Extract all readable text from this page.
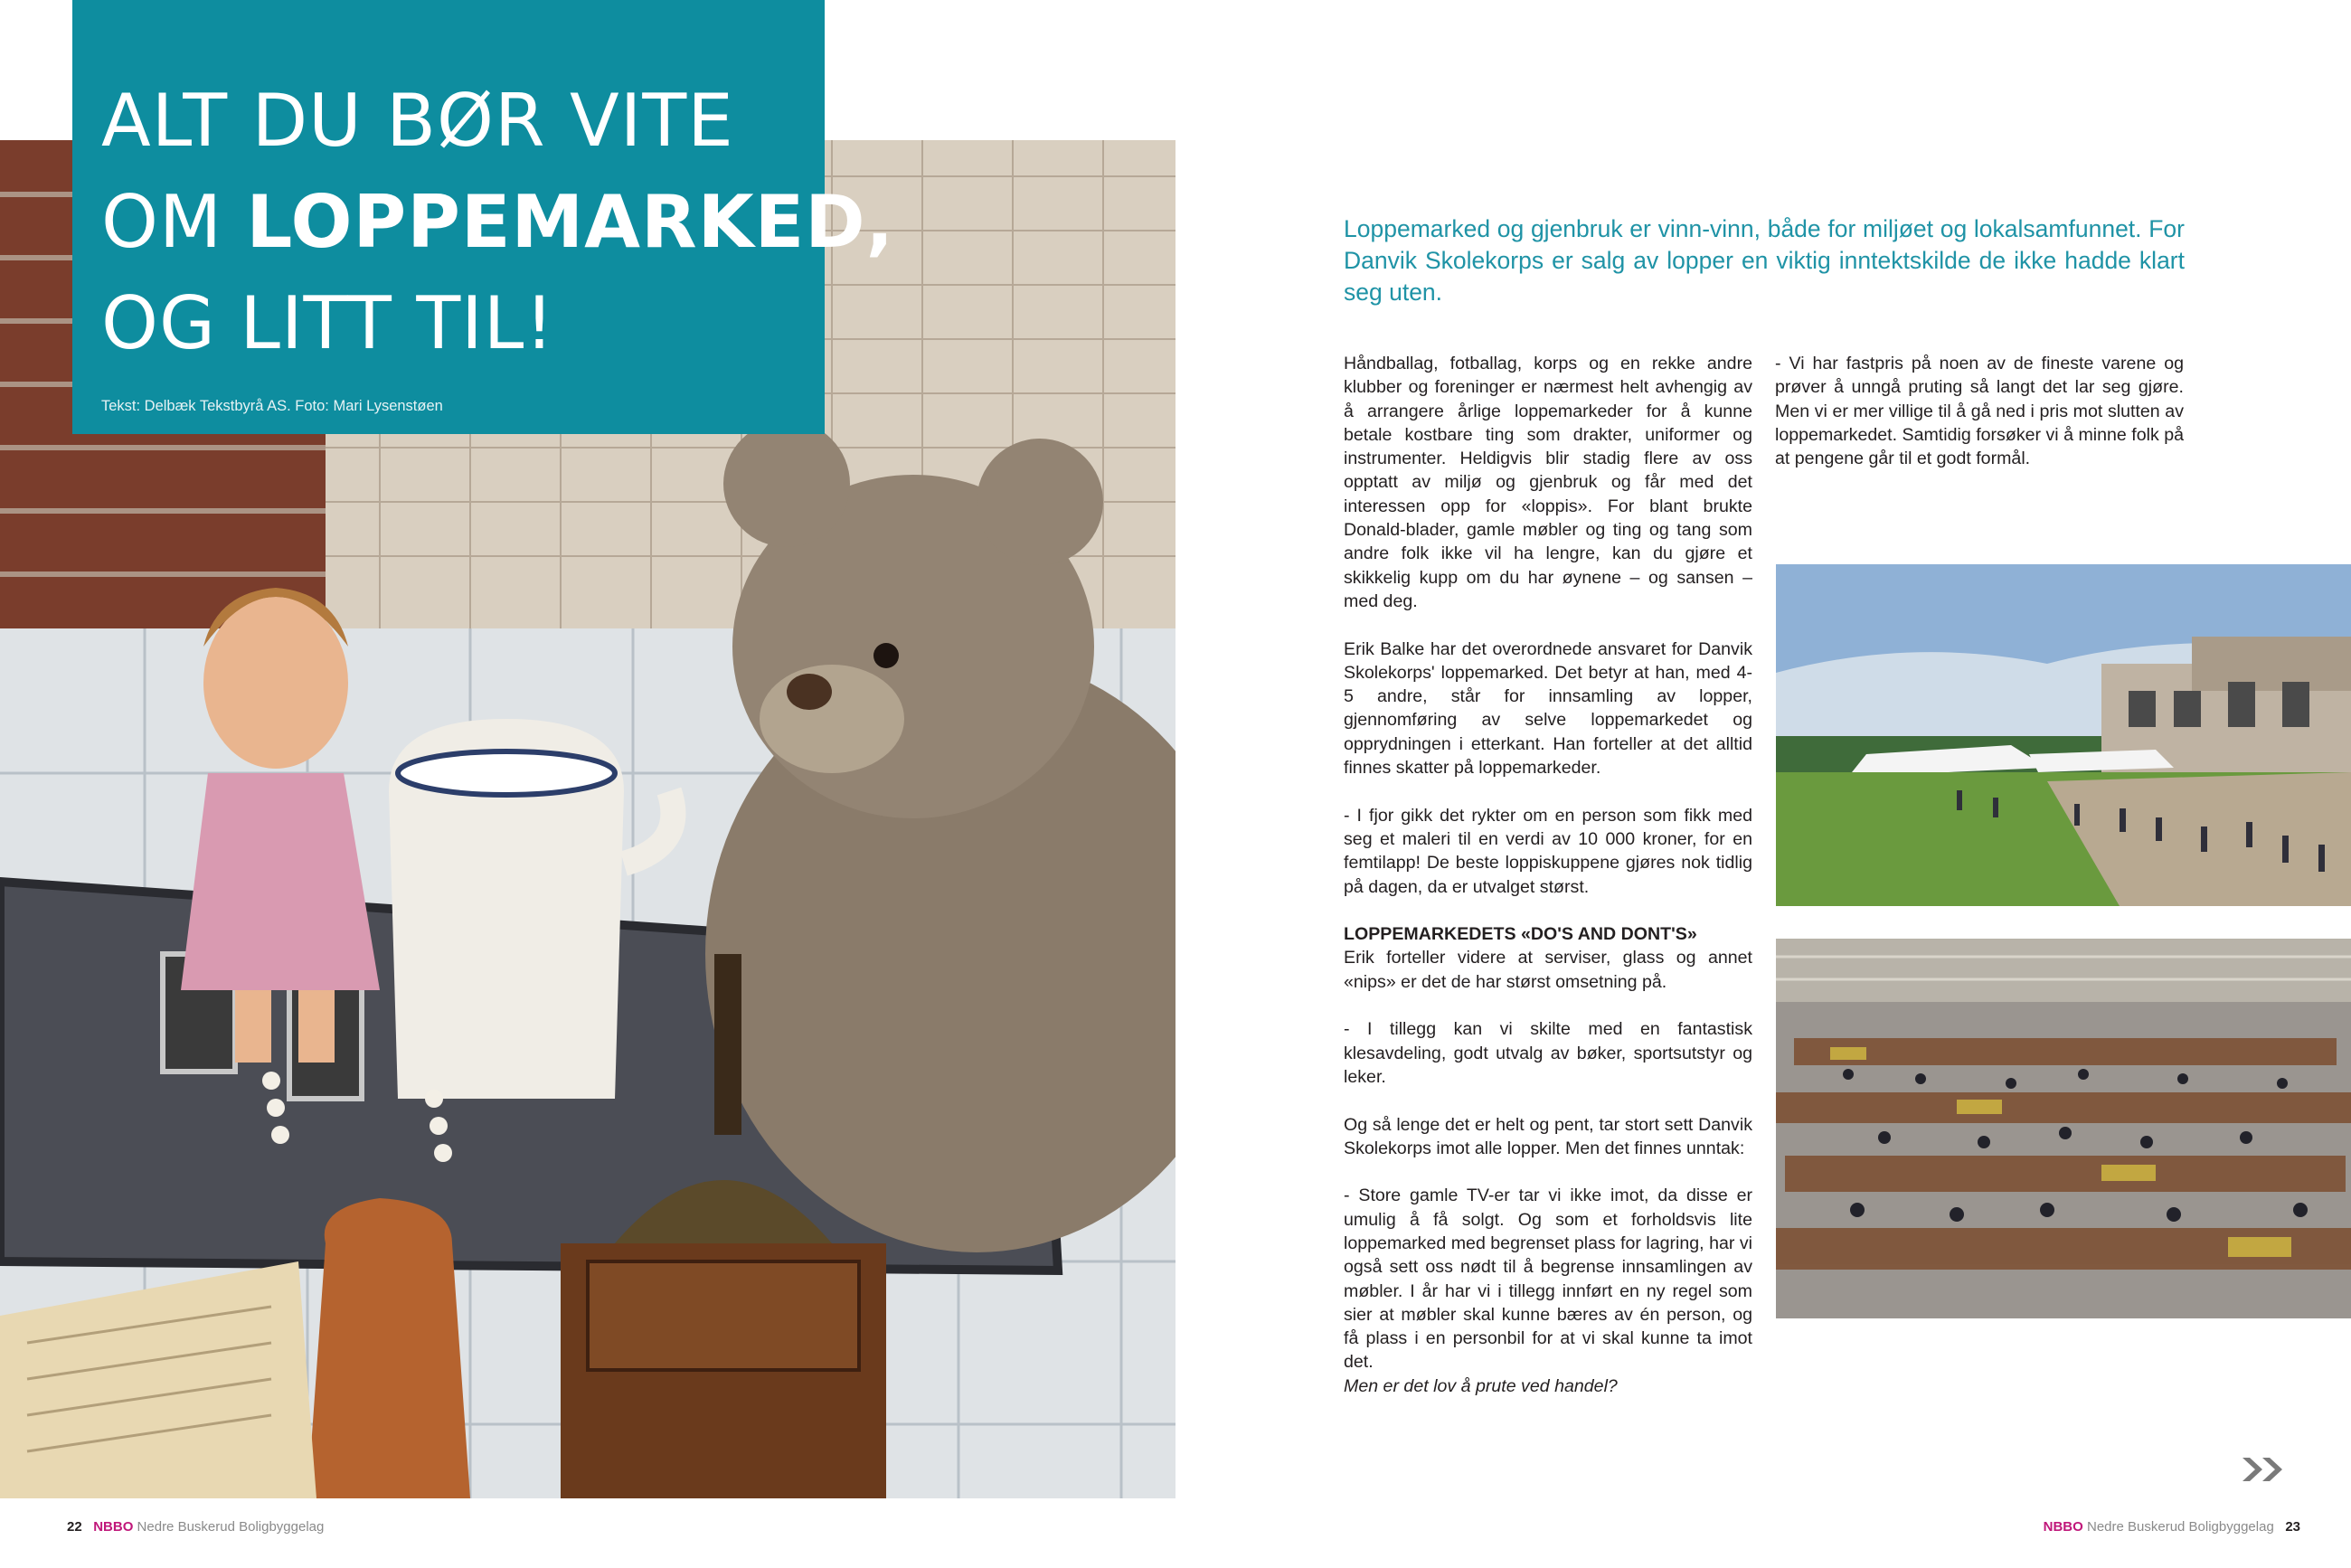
ALT DU BØR VITE
OM LOPPEMARKED,
OG LITT TIL!
Tekst: Delbæk Tekstbyrå AS. Foto: Mari Lysenstøen
22 NBBO Nedre Buskerud Boligbyggelag
Loppemarked og gjenbruk er vinn-vinn, både for miljøet og lokalsamfunnet. For Danvik Skolekorps er salg av lopper en viktig inntektskilde de ikke hadde klart seg uten.

Håndballag, fotballag, korps og en rekke andre klubber og foreninger er nærmest helt avhengig av å arrangere årlige loppemarkeder for å kunne betale kostbare ting som drakter, uniformer og instrumenter. Heldigvis blir stadig flere av oss opptatt av miljø og gjenbruk og får med det interessen opp for «loppis». For blant brukte Donald-blader, gamle møbler og ting og tang som andre folk ikke vil ha lengre, kan du gjøre et skikkelig kupp om du har øynene – og sansen – med deg.

Erik Balke har det overordnede ansvaret for Danvik Skolekorps' loppemarked. Det betyr at han, med 4-5 andre, står for innsamling av lopper, gjennomføring av selve loppemarkedet og opprydningen i etterkant. Han forteller at det alltid finnes skatter på loppemarkeder.

- I fjor gikk det rykter om en person som fikk med seg et maleri til en verdi av 10 000 kroner, for en femtilapp! De beste loppiskuppene gjøres nok tidlig på dagen, da er utvalget størst.

LOPPEMARKEDETS «DO'S AND DONT'S»

Erik forteller videre at serviser, glass og annet «nips» er det de har størst omsetning på.

- I tillegg kan vi skilte med en fantastisk klesavdeling, godt utvalg av bøker, sportsutstyr og leker.

Og så lenge det er helt og pent, tar stort sett Danvik Skolekorps imot alle lopper. Men det finnes unntak:

- Store gamle TV-er tar vi ikke imot, da disse er umulig å få solgt. Og som et forholdsvis lite loppemarked med begrenset plass for lagring, har vi også sett oss nødt til å begrense innsamlingen av møbler. I år har vi i tillegg innført en ny regel som sier at møbler skal kunne bæres av én person, og få plass i en personbil for at vi skal kunne ta imot det.
Men er det lov å prute ved handel?

- Vi har fastpris på noen av de fineste varene og prøver å unngå pruting så langt det lar seg gjøre. Men vi er mer villige til å gå ned i pris mot slutten av loppemarkedet. Samtidig forsøker vi å minne folk på at pengene går til et godt formål.

NBBO Nedre Buskerud Boligbyggelag 23
